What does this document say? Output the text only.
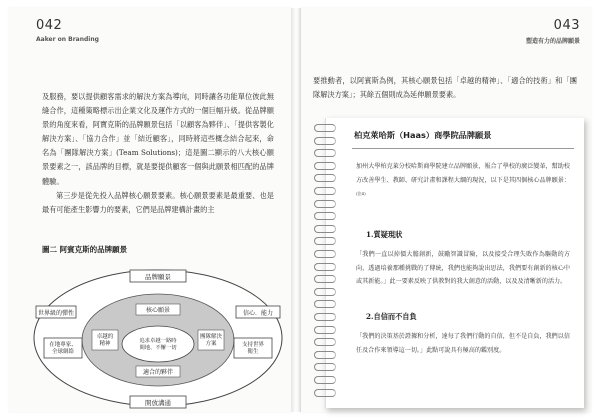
042
Aaker on Branding

及服務，要以提供顧客需求的解決方案為導向，同時讓各功能單位彼此無縫合作，這種策略標示出企業文化及運作方式的一個巨幅升級。從品牌願景的角度來看，阿寶克斯的品牌願景包括「以顧客為夥伴」、「提供客製化解決方案」、「協力合作」並「結近顧客」，同時將這些概念結合起來，命名為「團隊解決方案」(Team Solutions)；這是圖二顯示的八大核心願景要素之一，該品牌的目標，就是要提供顧客一個與此願景相匹配的品牌體驗。

第三步是從先投入品牌核心願景要素。核心願景要素是最重要、也是最有可能產生影響力的要素，它們是品牌建構計畫的主

圖二 阿賓克斯的品牌願景
品牌願景
世界級的彈性	信心．能力
在地專家、全球網絡
支持世界衛生
開放溝通
核心願景
卓越的精神
團隊解決方案
追求卓越一路時間地、不懈一切
適合的夥伴
043
塑造有力的品牌願景

要推動者，以阿賓斯為例，其核心願景包括「卓越的精神」、「適合的技術」和「團隊解決方案」；其餘五個則成為延伸願景要素。

柏克萊哈斯（Haas）商學院品牌願景

加州大學柏克萊分校哈斯商學院建立品牌願景，報合了學校的廣泛變革，幫助校方改善學生、教師、研究計畫和課程大綱的現況，以下是其四個核心品牌願景：$^{(注4)}$

1.質疑現狀

「我們一直以掉價大膽創新，鼓勵智識冒險，以及接受合理失敗作為驅動的方向，透過培養那種挑戰的了傳統，我們也能夠說出思法，我們要有創新的核心中或其新能。」此一要素反映了供教對的我大創意的活動，以及及清晰新的活力。

2.自信而不自負

「我們的決策基於證據和分析，達每了我們行動的自信，但不是自負，我們以信任及合作來領導這一切。」此點可說具有極高的鑑別度。
